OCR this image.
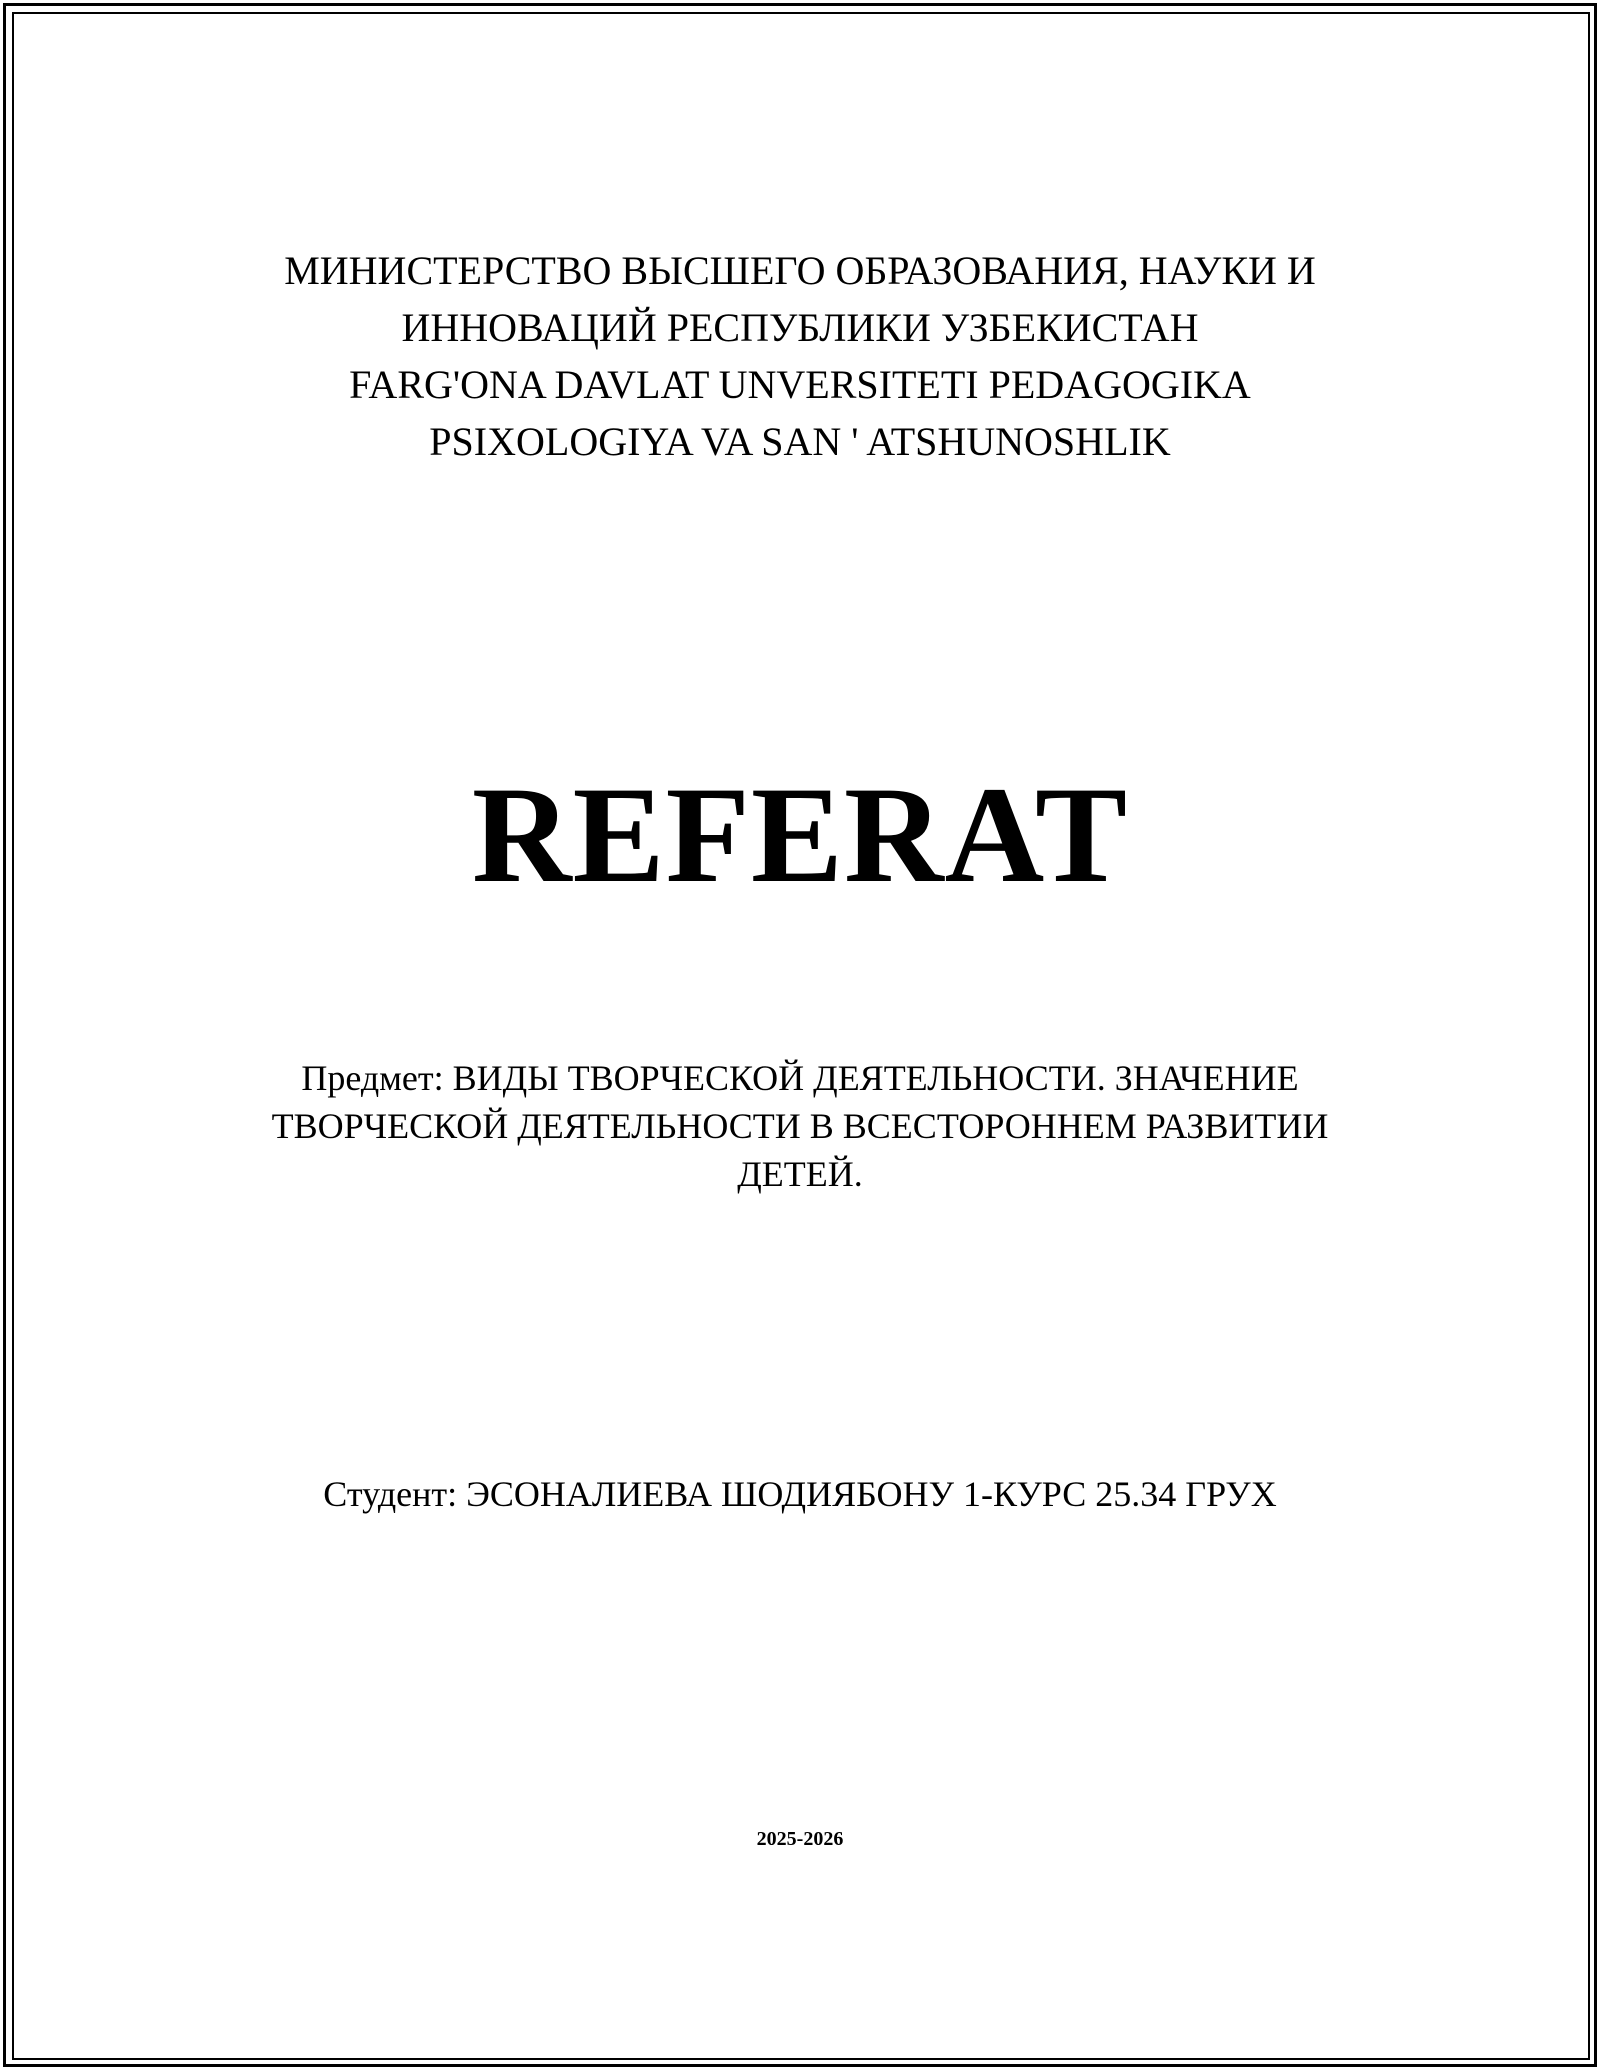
МИНИСТЕРСТВО ВЫСШЕГО ОБРАЗОВАНИЯ, НАУКИ И
ИННОВАЦИЙ РЕСПУБЛИКИ УЗБЕКИСТАН
FARG'ONA DAVLAT UNVERSITETI PEDAGOGIKA
PSIXOLOGIYA VA SAN ' ATSHUNOSHLIK
REFERAT
Предмет: ВИДЫ ТВОРЧЕСКОЙ ДЕЯТЕЛЬНОСТИ. ЗНАЧЕНИЕ
ТВОРЧЕСКОЙ ДЕЯТЕЛЬНОСТИ В ВСЕСТОРОННЕМ РАЗВИТИИ
ДЕТЕЙ.
Студент: ЭСОНАЛИЕВА ШОДИЯБОНУ 1-КУРС 25.34 ГРУХ
2025-2026
